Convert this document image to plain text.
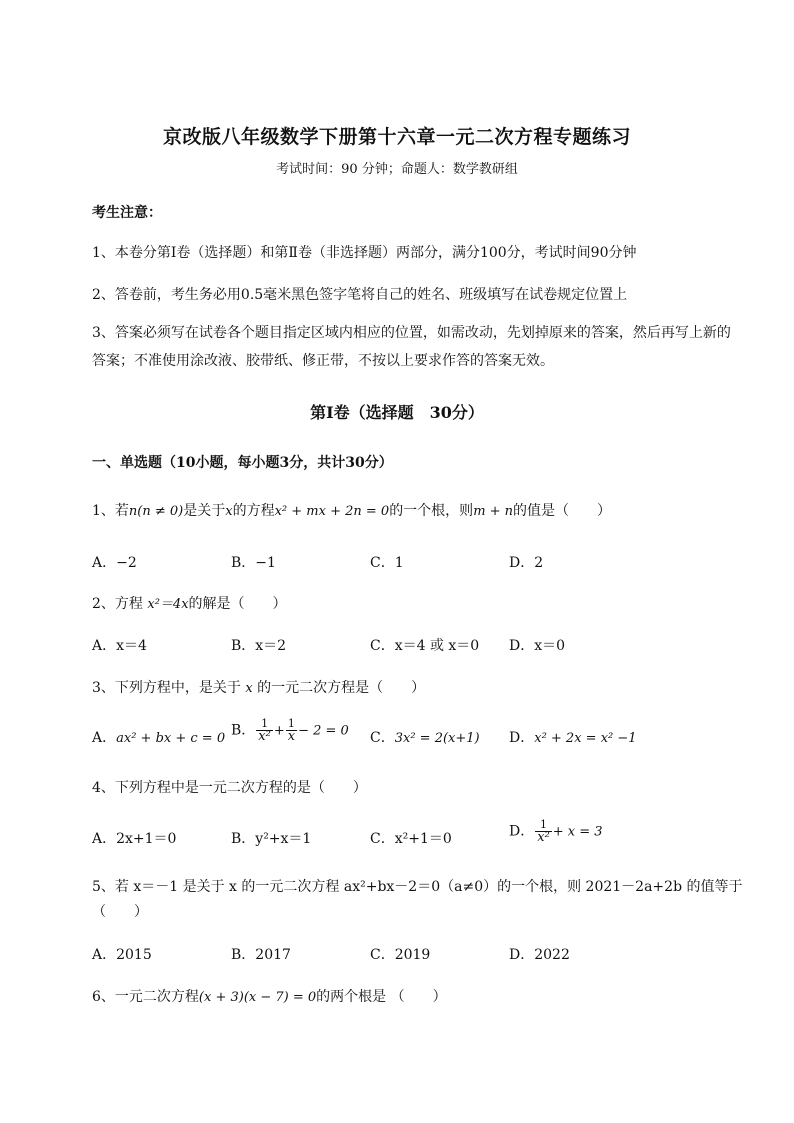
京改版八年级数学下册第十六章一元二次方程专题练习
考试时间：90 分钟；命题人：数学教研组
考生注意：
1、本卷分第Ⅰ卷（选择题）和第Ⅱ卷（非选择题）两部分，满分100分，考试时间90分钟
2、答卷前，考生务必用0.5毫米黑色签字笔将自己的姓名、班级填写在试卷规定位置上
3、答案必须写在试卷各个题目指定区域内相应的位置，如需改动，先划掉原来的答案，然后再写上新的答案；不准使用涂改液、胶带纸、修正带，不按以上要求作答的答案无效。
第Ⅰ卷（选择题　30分）
一、单选题（10小题，每小题3分，共计30分）
1、若n(n ≠ 0)是关于x的方程x² + mx + 2n = 0的一个根，则m + n的值是（　　）
A．−2	B．−1	C．1	D．2
2、方程 x²＝4x的解是（　　）
A．x＝4	B．x＝2	C．x＝4 或 x＝0 D．x＝0
3、下列方程中，是关于 x 的一元二次方程是（　　）
A．ax² + bx + c = 0 B． $\frac{1}{\text{x²}} + \frac{1}{x} - 2 = 0$ C．3x² = 2(x+1) D．x² + 2x = x² −1
4、下列方程中是一元二次方程的是（　　）
A．2x+1＝0	B．y²+x＝1	C．x²+1＝0	D． $\frac{1}{\text{x²}} + x = 3$
5、若 x＝－1 是关于 x 的一元二次方程 ax²+bx－2＝0（a≠0）的一个根，则 2021－2a+2b 的值等于
（　　）
A．2015	B．2017	C．2019	D．2022
6、一元二次方程(x + 3)(x − 7) = 0的两个根是 （　　）
